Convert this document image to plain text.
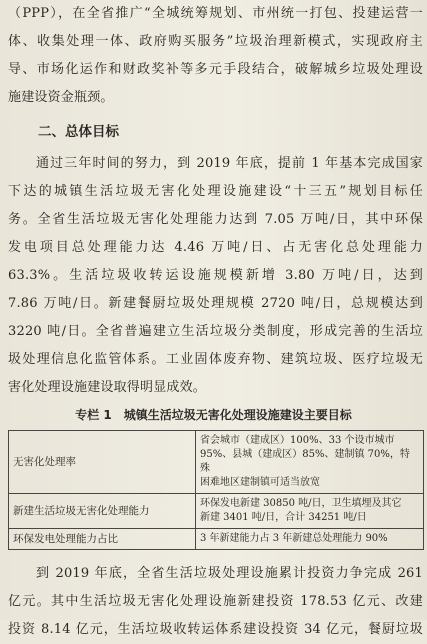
（PPP），在全省推广“全城统筹规划、市州统一打包、投建运营一

体、收集处理一体、政府购买服务”垃圾治理新模式，实现政府主

导、市场化运作和财政奖补等多元手段结合，破解城乡垃圾处理设

施建设资金瓶颈。

二、总体目标

通过三年时间的努力，到 2019 年底，提前 1 年基本完成国家

下达的城镇生活垃圾无害化处理设施建设“十三五”规划目标任

务。全省生活垃圾无害化处理能力达到 7.05 万吨/日，其中环保

发电项目总处理能力达 4.46 万吨/日、占无害化总处理能力

63.3%。生活垃圾收转运设施规模新增 3.80 万吨/日，达到

7.86 万吨/日。新建餐厨垃圾处理规模 2720 吨/日，总规模达到

3220 吨/日。全省普遍建立生活垃圾分类制度，形成完善的生活垃

圾处理信息化监管体系。工业固体废弃物、建筑垃圾、医疗垃圾无

害化处理设施建设取得明显成效。

专栏 1　城镇生活垃圾无害化处理设施建设主要目标
无害化处理率	省会城市（建成区）100%、33 个设市城市
95%、县城（建成区）85%、建制镇 70%，特殊
困难地区建制镇可适当放宽

新建生活垃圾无害化处理能力	环保发电新建 30850 吨/日，卫生填埋及其它
新建 3401 吨/日，合计 34251 吨/日

环保发电处理能力占比	3 年新建能力占 3 年新建总处理能力 90%

到 2019 年底，全省生活垃圾处理设施累计投资力争完成 261

亿元。其中生活垃圾无害化处理设施新建投资 178.53 亿元、改建

投资 8.14 亿元，生活垃圾收转运体系建设投资 34 亿元，餐厨垃圾
